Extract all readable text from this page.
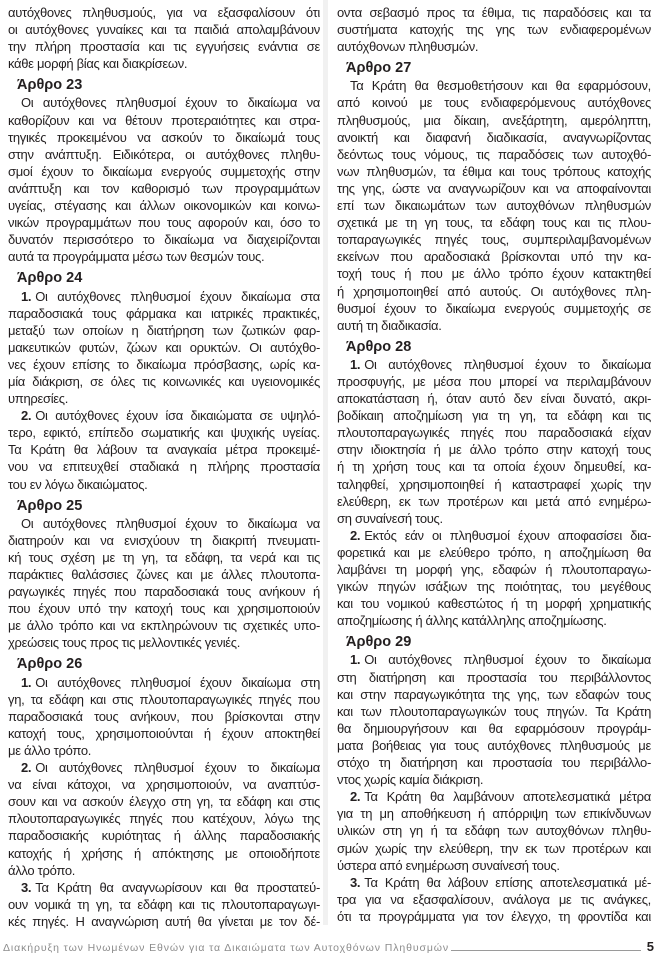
αυτόχθονες πληθυσμούς, για να εξασφαλίσουν ότι
οι αυτόχθονες γυναίκες και τα παιδιά απολαμβάνουν
την πλήρη προστασία και τις εγγυήσεις ενάντια σε
κάθε μορφή βίας και διακρίσεων.
Άρθρο 23
Οι αυτόχθονες πληθυσμοί έχουν το δικαίωμα να
καθορίζουν και να θέτουν προτεραιότητες και στρα-
τηγικές προκειμένου να ασκούν το δικαίωμά τους
στην ανάπτυξη. Ειδικότερα, οι αυτόχθονες πληθυ-
σμοί έχουν το δικαίωμα ενεργούς συμμετοχής στην
ανάπτυξη και τον καθορισμό των προγραμμάτων
υγείας, στέγασης και άλλων οικονομικών και κοινω-
νικών προγραμμάτων που τους αφορούν και, όσο το
δυνατόν περισσότερο το δικαίωμα να διαχειρίζονται
αυτά τα προγράμματα μέσω των θεσμών τους.
Άρθρο 24
1. Οι αυτόχθονες πληθυσμοί έχουν δικαίωμα στα
παραδοσιακά τους φάρμακα και ιατρικές πρακτικές,
μεταξύ των οποίων η διατήρηση των ζωτικών φαρ-
μακευτικών φυτών, ζώων και ορυκτών. Οι αυτόχθο-
νες έχουν επίσης το δικαίωμα πρόσβασης, ωρίς κα-
μία διάκριση, σε όλες τις κοινωνικές και υγειονομικές
υπηρεσίες.
2. Οι αυτόχθονες έχουν ίσα δικαιώματα σε υψηλό-
τερο, εφικτό, επίπεδο σωματικής και ψυχικής υγείας.
Τα Κράτη θα λάβουν τα αναγκαία μέτρα προκειμέ-
νου να επιτευχθεί σταδιακά η πλήρης προστασία
του εν λόγω δικαιώματος.
Άρθρο 25
Οι αυτόχθονες πληθυσμοί έχουν το δικαίωμα να
διατηρούν και να ενισχύουν τη διακριτή πνευματι-
κή τους σχέση με τη γη, τα εδάφη, τα νερά και τις
παράκτιες θαλάσσιες ζώνες και με άλλες πλουτοπα-
ραγωγικές πηγές που παραδοσιακά τους ανήκουν ή
που έχουν υπό την κατοχή τους και χρησιμοποιούν
με άλλο τρόπο και να εκπληρώνουν τις σχετικές υπο-
χρεώσεις τους προς τις μελλοντικές γενιές.
Άρθρο 26
1. Οι αυτόχθονες πληθυσμοί έχουν δικαίωμα στη
γη, τα εδάφη και στις πλουτοπαραγωγικές πηγές που
παραδοσιακά τους ανήκουν, που βρίσκονται στην
κατοχή τους, χρησιμοποιούνται ή έχουν αποκτηθεί
με άλλο τρόπο.
2. Οι αυτόχθονες πληθυσμοί έχουν το δικαίωμα
να είναι κάτοχοι, να χρησιμοποιούν, να αναπτύσ-
σουν και να ασκούν έλεγχο στη γη, τα εδάφη και στις
πλουτοπαραγωγικές πηγές που κατέχουν, λόγω της
παραδοσιακής κυριότητας ή άλλης παραδοσιακής
κατοχής ή χρήσης ή απόκτησης με οποιοδήποτε
άλλο τρόπο.
3. Τα Κράτη θα αναγνωρίσουν και θα προστατεύ-
ουν νομικά τη γη, τα εδάφη και τις πλουτοπαραγωγι-
κές πηγές. Η αναγνώριση αυτή θα γίνεται με τον δέ-
οντα σεβασμό προς τα έθιμα, τις παραδόσεις και τα
συστήματα κατοχής της γης των ενδιαφερομένων
αυτόχθονων πληθυσμών.
Άρθρο 27
Τα Κράτη θα θεσμοθετήσουν και θα εφαρμόσουν,
από κοινού με τους ενδιαφερόμενους αυτόχθονες
πληθυσμούς, μια δίκαιη, ανεξάρτητη, αμερόληπτη,
ανοικτή και διαφανή διαδικασία, αναγνωρίζοντας
δεόντως τους νόμους, τις παραδόσεις των αυτοχθό-
νων πληθυσμών, τα έθιμα και τους τρόπους κατοχής
της γης, ώστε να αναγνωρίζουν και να αποφαίνονται
επί των δικαιωμάτων των αυτοχθόνων πληθυσμών
σχετικά με τη γη τους, τα εδάφη τους και τις πλου-
τοπαραγωγικές πηγές τους, συμπεριλαμβανομένων
εκείνων που αραδοσιακά βρίσκονται υπό την κα-
τοχή τους ή που με άλλο τρόπο έχουν κατακτηθεί
ή χρησιμοποιηθεί από αυτούς. Οι αυτόχθονες πλη-
θυσμοί έχουν το δικαίωμα ενεργούς συμμετοχής σε
αυτή τη διαδικασία.
Άρθρο 28
1. Οι αυτόχθονες πληθυσμοί έχουν το δικαίωμα
προσφυγής, με μέσα που μπορεί να περιλαμβάνουν
αποκατάσταση ή, όταν αυτό δεν είναι δυνατό, ακρι-
βοδίκαιη αποζημίωση για τη γη, τα εδάφη και τις
πλουτοπαραγωγικές πηγές που παραδοσιακά είχαν
στην ιδιοκτησία ή με άλλο τρόπο στην κατοχή τους
ή τη χρήση τους και τα οποία έχουν δημευθεί, κα-
ταληφθεί, χρησιμοποιηθεί ή καταστραφεί χωρίς την
ελεύθερη, εκ των προτέρων και μετά από ενημέρω-
ση συναίνεσή τους.
2. Εκτός εάν οι πληθυσμοί έχουν αποφασίσει δια-
φορετικά και με ελεύθερο τρόπο, η αποζημίωση θα
λαμβάνει τη μορφή γης, εδαφών ή πλουτοπαραγω-
γικών πηγών ισάξιων της ποιότητας, του μεγέθους
και του νομικού καθεστώτος ή τη μορφή χρηματικής
αποζημίωσης ή άλλης κατάλληλης αποζημίωσης.
Άρθρο 29
1. Οι αυτόχθονες πληθυσμοί έχουν το δικαίωμα
στη διατήρηση και προστασία του περιβάλλοντος
και στην παραγωγικότητα της γης, των εδαφών τους
και των πλουτοπαραγωγικών τους πηγών. Τα Κράτη
θα δημιουργήσουν και θα εφαρμόσουν προγράμ-
ματα βοήθειας για τους αυτόχθονες πληθυσμούς με
στόχο τη διατήρηση και προστασία του περιβάλλο-
ντος χωρίς καμία διάκριση.
2. Τα Κράτη θα λαμβάνουν αποτελεσματικά μέτρα
για τη μη αποθήκευση ή απόρριψη των επικίνδυνων
υλικών στη γη ή τα εδάφη των αυτοχθόνων πληθυ-
σμών χωρίς την ελεύθερη, την εκ των προτέρων και
ύστερα από ενημέρωση συναίνεσή τους.
3. Τα Κράτη θα λάβουν επίσης αποτελεσματικά μέ-
τρα για να εξασφαλίσουν, ανάλογα με τις ανάγκες,
ότι τα προγράμματα για τον έλεγχο, τη φροντίδα και
Διακήρυξη των Ηνωμένων Εθνών για τα Δικαιώματα των Αυτοχθόνων Πληθυσμών	5
